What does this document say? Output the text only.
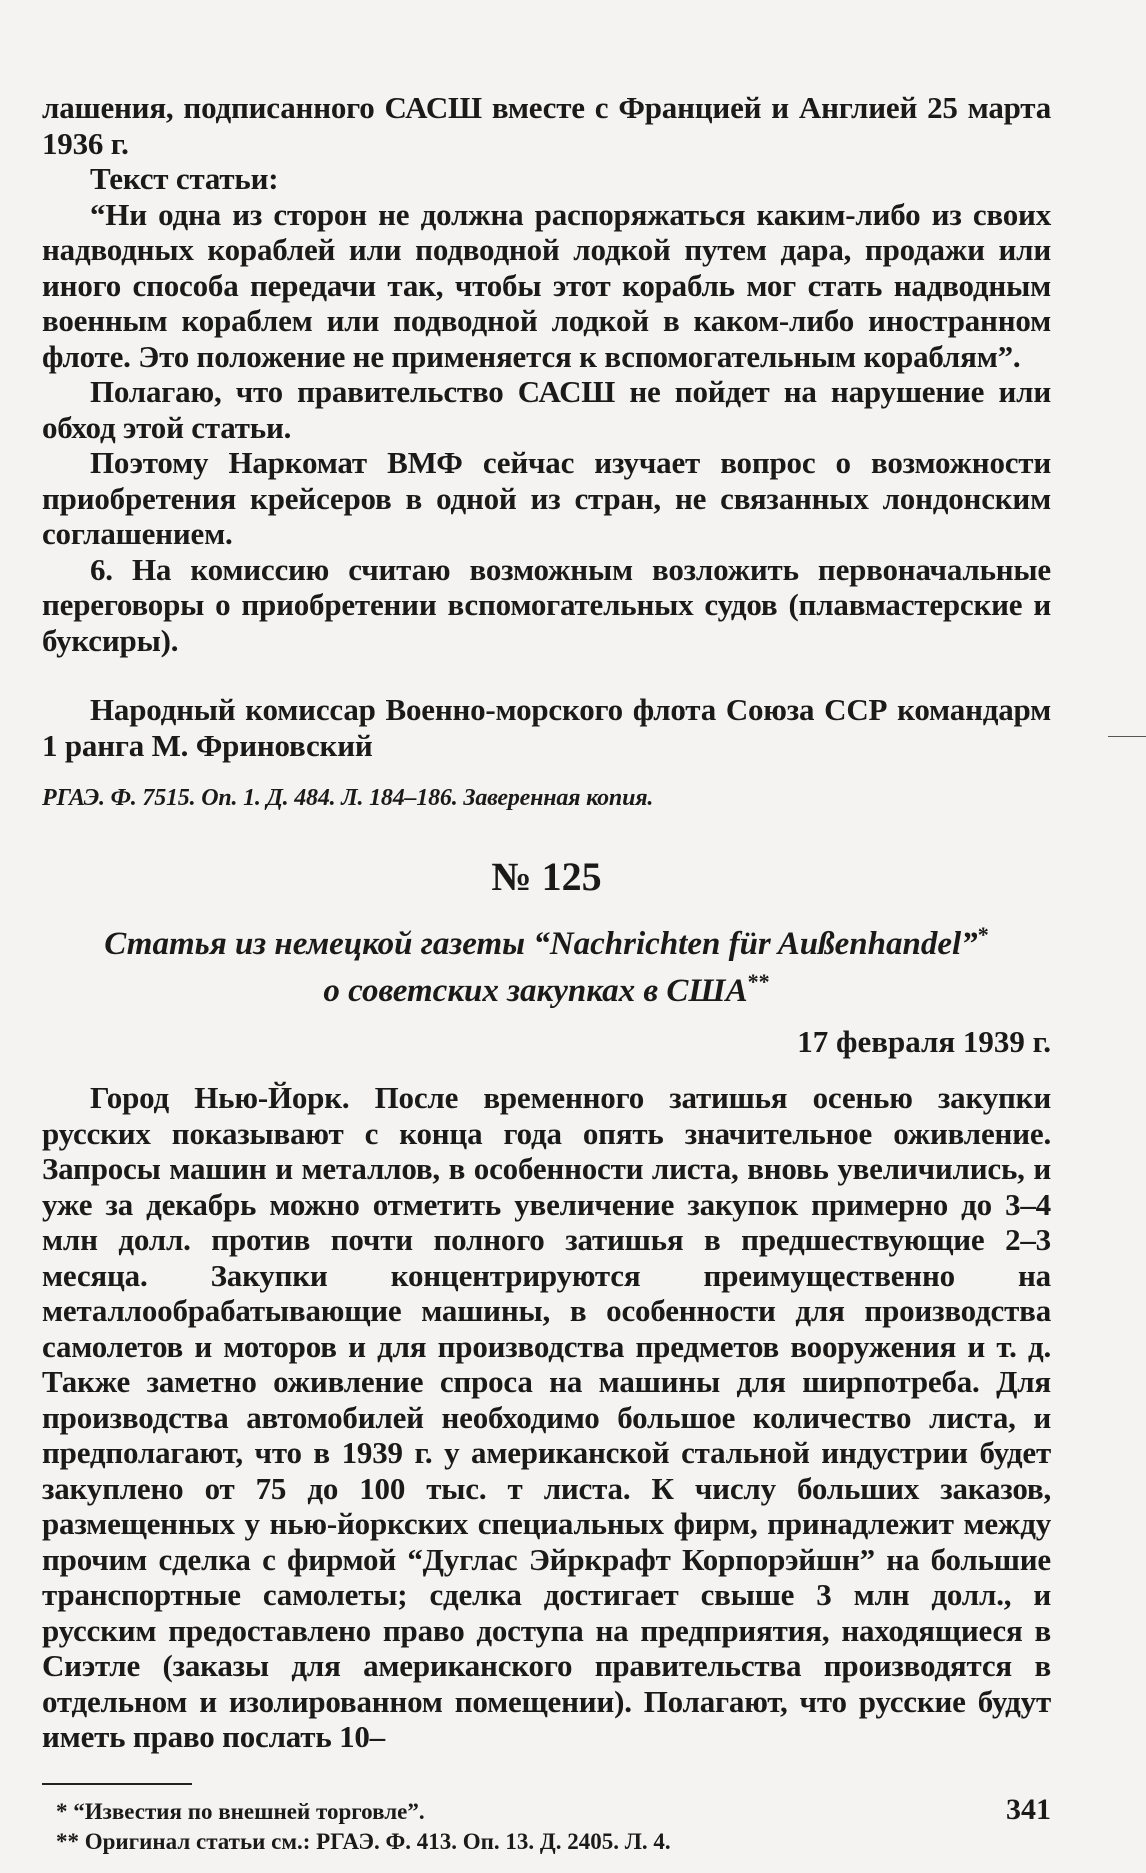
лашения, подписанного САСШ вместе с Францией и Англией 25 марта 1936 г.

Текст статьи:

“Ни одна из сторон не должна распоряжаться каким-либо из своих надводных кораблей или подводной лодкой путем дара, продажи или иного способа передачи так, чтобы этот корабль мог стать надводным военным кораблем или подводной лодкой в каком-либо иностранном флоте. Это положение не применяется к вспомогательным кораблям”.

Полагаю, что правительство САСШ не пойдет на нарушение или обход этой статьи.

Поэтому Наркомат ВМФ сейчас изучает вопрос о возможности приобретения крейсеров в одной из стран, не связанных лондонским соглашением.

6. На комиссию считаю возможным возложить первоначальные переговоры о приобретении вспомогательных судов (плавмастерские и буксиры).

Народный комиссар Военно-морского флота Союза ССР командарм 1 ранга М. Фриновский

РГАЭ. Ф. 7515. Оп. 1. Д. 484. Л. 184–186. Заверенная копия.

№ 125
Статья из немецкой газеты “Nachrichten für Außenhandel”*
о советских закупках в США**
17 февраля 1939 г.

Город Нью-Йорк. После временного затишья осенью закупки русских показывают с конца года опять значительное оживление. Запросы машин и металлов, в особенности листа, вновь увеличились, и уже за декабрь можно отметить увеличение закупок примерно до 3–4 млн долл. против почти полного затишья в предшествующие 2–3 месяца. Закупки концентрируются преимущественно на металлообрабатывающие машины, в особенности для производства самолетов и моторов и для производства предметов вооружения и т. д. Также заметно оживление спроса на машины для ширпотреба. Для производства автомобилей необходимо большое количество листа, и предполагают, что в 1939 г. у американской стальной индустрии будет закуплено от 75 до 100 тыс. т листа. К числу больших заказов, размещенных у нью-йоркских специальных фирм, принадлежит между прочим сделка с фирмой “Дуглас Эйркрафт Корпорэйшн” на большие транспортные самолеты; сделка достигает свыше 3 млн долл., и русским предоставлено право доступа на предприятия, находящиеся в Сиэтле (заказы для американского правительства производятся в отдельном и изолированном помещении). Полагают, что русские будут иметь право послать 10–

* “Известия по внешней торговле”.

** Оригинал статьи см.: РГАЭ. Ф. 413. Оп. 13. Д. 2405. Л. 4.

341
